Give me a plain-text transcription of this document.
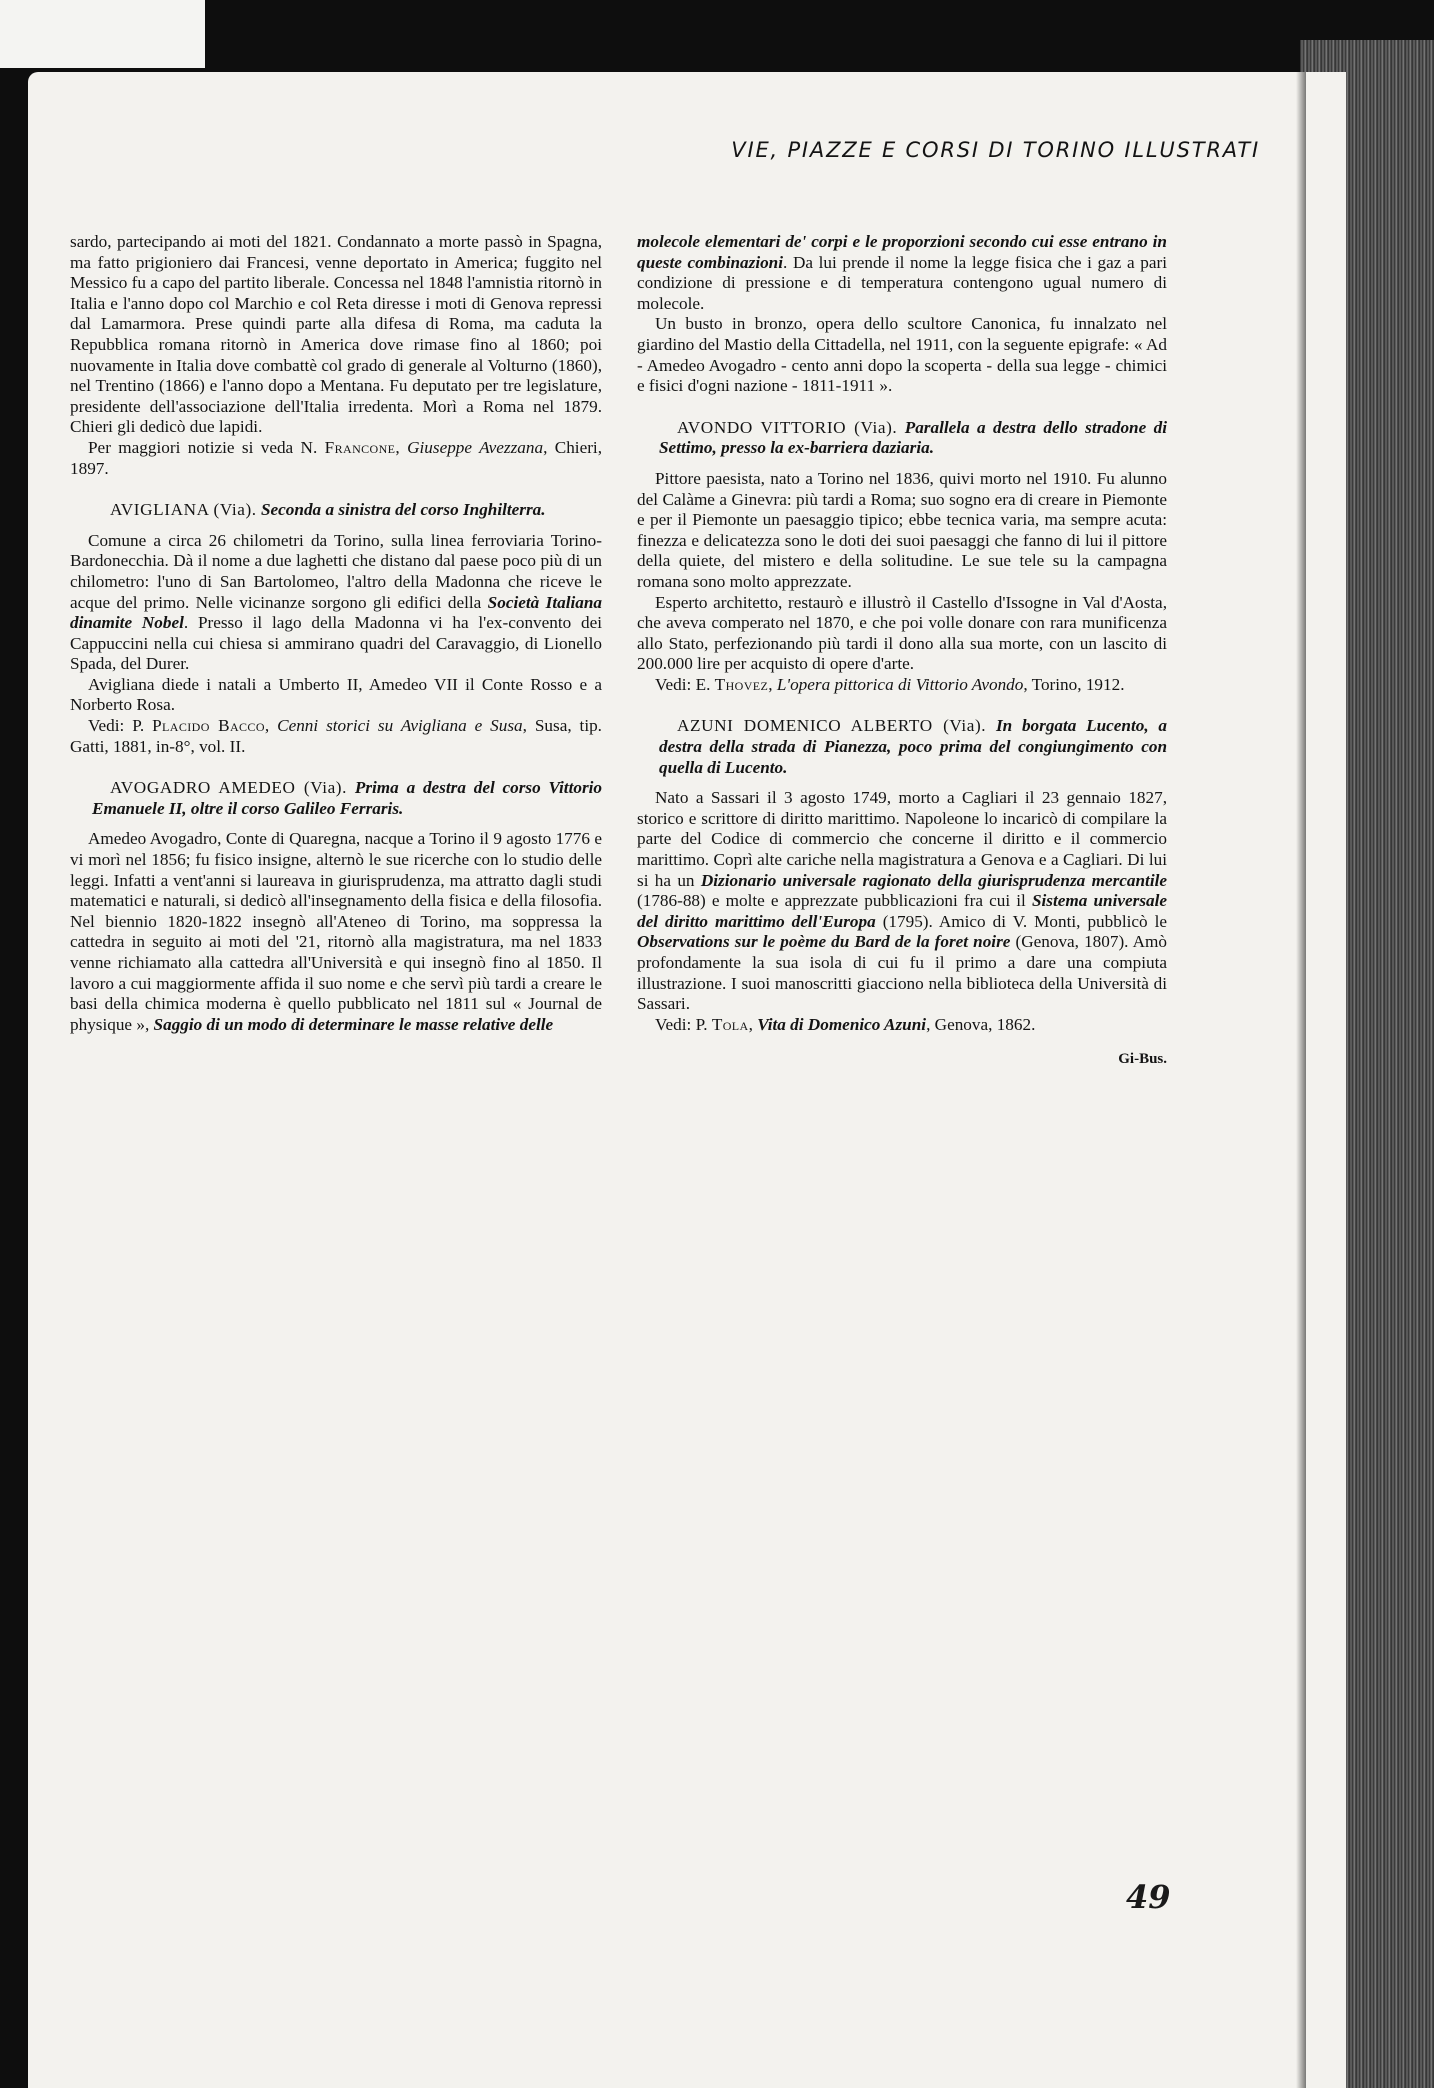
VIE, PIAZZE E CORSI DI TORINO ILLUSTRATI

sardo, partecipando ai moti del 1821. Condannato a morte passò in Spagna, ma fatto prigioniero dai Francesi, venne deportato in America; fuggito nel Messico fu a capo del partito liberale. Concessa nel 1848 l'amnistia ritornò in Italia e l'anno dopo col Marchio e col Reta diresse i moti di Genova repressi dal Lamarmora. Prese quindi parte alla difesa di Roma, ma caduta la Repubblica romana ritornò in America dove rimase fino al 1860; poi nuovamente in Italia dove combattè col grado di generale al Volturno (1860), nel Trentino (1866) e l'anno dopo a Mentana. Fu deputato per tre legislature, presidente dell'associazione dell'Italia irredenta. Morì a Roma nel 1879. Chieri gli dedicò due lapidi.

Per maggiori notizie si veda N. Francone, Giuseppe Avezzana, Chieri, 1897.

AVIGLIANA (Via). Seconda a sinistra del corso Inghilterra.

Comune a circa 26 chilometri da Torino, sulla linea ferroviaria Torino-Bardonecchia. Dà il nome a due laghetti che distano dal paese poco più di un chilometro: l'uno di San Bartolomeo, l'altro della Madonna che riceve le acque del primo. Nelle vicinanze sorgono gli edifici della Società Italiana dinamite Nobel. Presso il lago della Madonna vi ha l'ex-convento dei Cappuccini nella cui chiesa si ammirano quadri del Caravaggio, di Lionello Spada, del Durer.

Avigliana diede i natali a Umberto II, Amedeo VII il Conte Rosso e a Norberto Rosa.

Vedi: P. Placido Bacco, Cenni storici su Avigliana e Susa, Susa, tip. Gatti, 1881, in-8°, vol. II.

AVOGADRO AMEDEO (Via). Prima a destra del corso Vittorio Emanuele II, oltre il corso Galileo Ferraris.

Amedeo Avogadro, Conte di Quaregna, nacque a Torino il 9 agosto 1776 e vi morì nel 1856; fu fisico insigne, alternò le sue ricerche con lo studio delle leggi. Infatti a vent'anni si laureava in giurisprudenza, ma attratto dagli studi matematici e naturali, si dedicò all'insegnamento della fisica e della filosofia. Nel biennio 1820-1822 insegnò all'Ateneo di Torino, ma soppressa la cattedra in seguito ai moti del '21, ritornò alla magistratura, ma nel 1833 venne richiamato alla cattedra all'Università e qui insegnò fino al 1850. Il lavoro a cui maggiormente affida il suo nome e che servì più tardi a creare le basi della chimica moderna è quello pubblicato nel 1811 sul « Journal de physique », Saggio di un modo di determinare le masse relative delle

molecole elementari de' corpi e le proporzioni secondo cui esse entrano in queste combinazioni. Da lui prende il nome la legge fisica che i gaz a pari condizione di pressione e di temperatura contengono ugual numero di molecole.

Un busto in bronzo, opera dello scultore Canonica, fu innalzato nel giardino del Mastio della Cittadella, nel 1911, con la seguente epigrafe: « Ad - Amedeo Avogadro - cento anni dopo la scoperta - della sua legge - chimici e fisici d'ogni nazione - 1811-1911 ».

AVONDO VITTORIO (Via). Parallela a destra dello stradone di Settimo, presso la ex-barriera daziaria.

Pittore paesista, nato a Torino nel 1836, quivi morto nel 1910. Fu alunno del Calàme a Ginevra: più tardi a Roma; suo sogno era di creare in Piemonte e per il Piemonte un paesaggio tipico; ebbe tecnica varia, ma sempre acuta: finezza e delicatezza sono le doti dei suoi paesaggi che fanno di lui il pittore della quiete, del mistero e della solitudine. Le sue tele su la campagna romana sono molto apprezzate.

Esperto architetto, restaurò e illustrò il Castello d'Issogne in Val d'Aosta, che aveva comperato nel 1870, e che poi volle donare con rara munificenza allo Stato, perfezionando più tardi il dono alla sua morte, con un lascito di 200.000 lire per acquisto di opere d'arte.

Vedi: E. Thovez, L'opera pittorica di Vittorio Avondo, Torino, 1912.

AZUNI DOMENICO ALBERTO (Via). In borgata Lucento, a destra della strada di Pianezza, poco prima del congiungimento con quella di Lucento.

Nato a Sassari il 3 agosto 1749, morto a Cagliari il 23 gennaio 1827, storico e scrittore di diritto marittimo. Napoleone lo incaricò di compilare la parte del Codice di commercio che concerne il diritto e il commercio marittimo. Coprì alte cariche nella magistratura a Genova e a Cagliari. Di lui si ha un Dizionario universale ragionato della giurisprudenza mercantile (1786-88) e molte e apprezzate pubblicazioni fra cui il Sistema universale del diritto marittimo dell'Europa (1795). Amico di V. Monti, pubblicò le Observations sur le poème du Bard de la foret noire (Genova, 1807). Amò profondamente la sua isola di cui fu il primo a dare una compiuta illustrazione. I suoi manoscritti giacciono nella biblioteca della Università di Sassari.

Vedi: P. Tola, Vita di Domenico Azuni, Genova, 1862.

Gi-Bus.
49
